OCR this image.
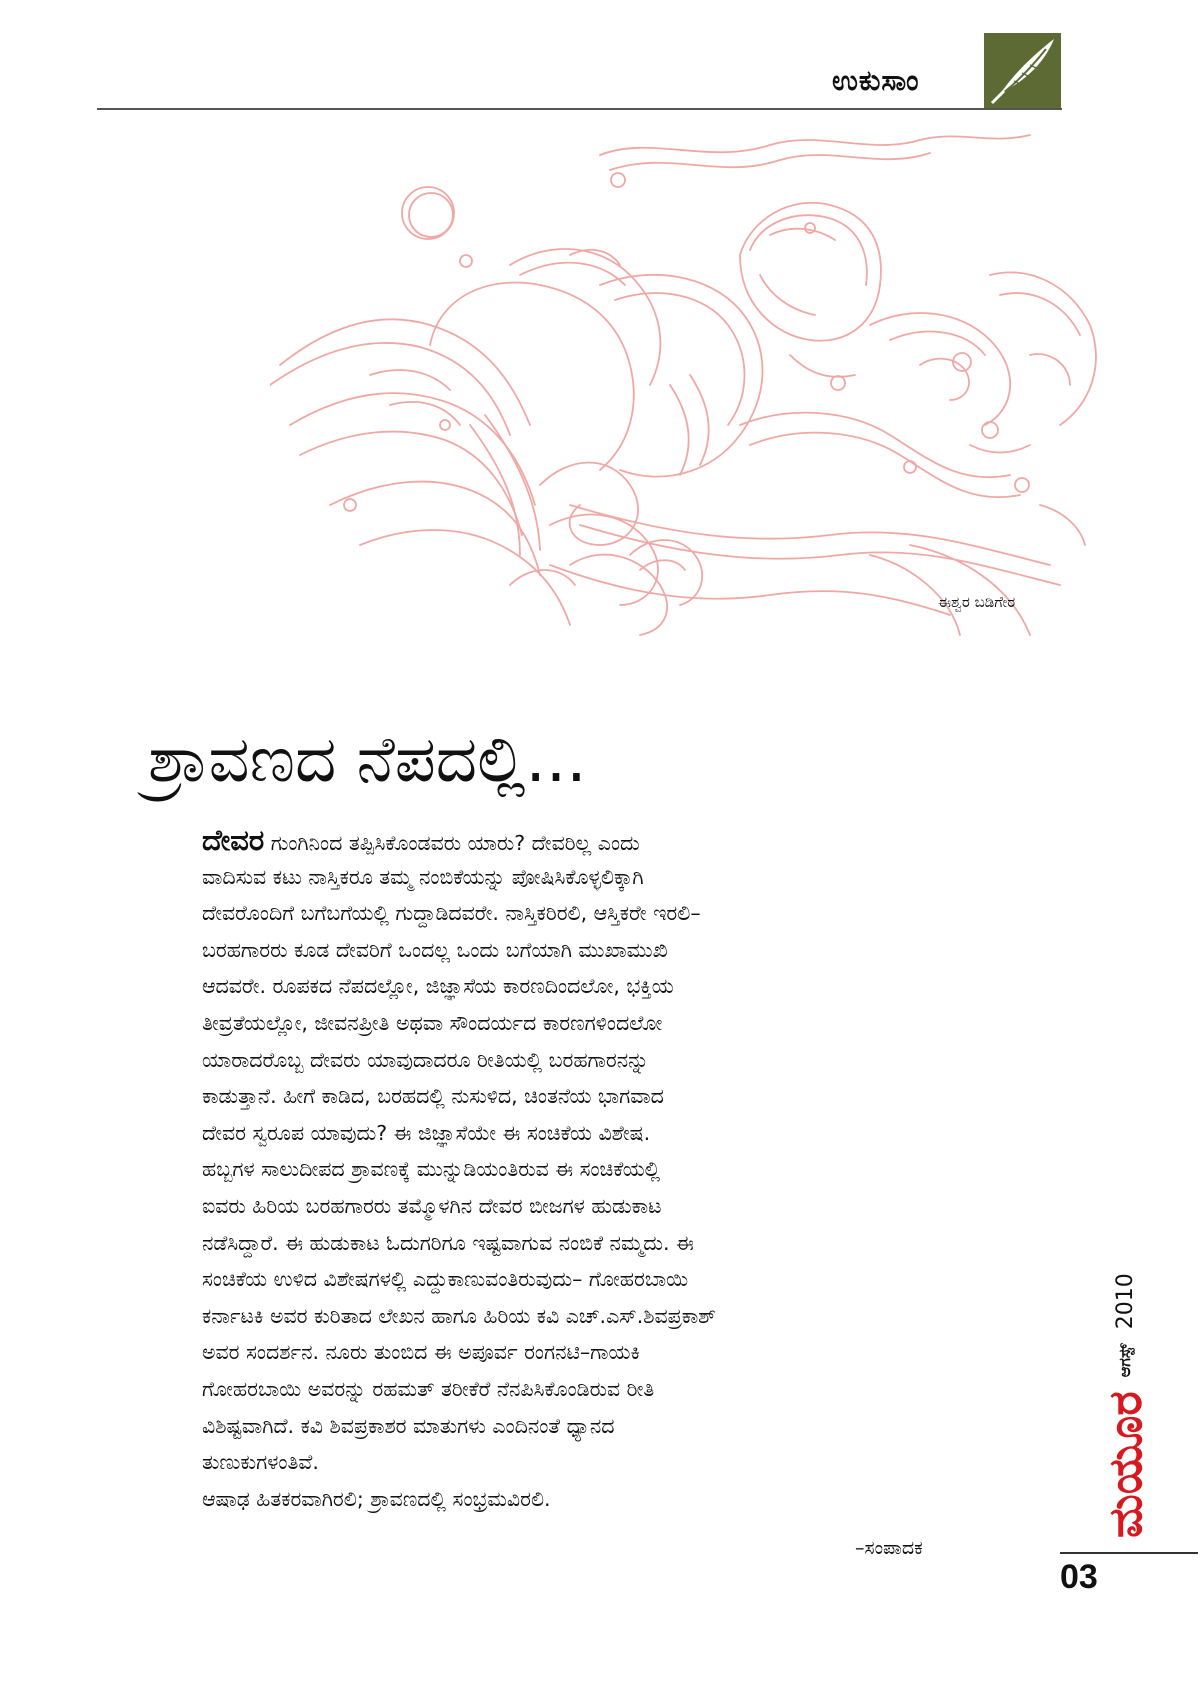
ಉಕುಸಾಂ
ಈಶ್ವರ ಬಡಿಗೇರ
ಶ್ರಾವಣದ ನೆಪದಲ್ಲಿ...
ದೇವರ ಗುಂಗಿನಿಂದ ತಪ್ಪಿಸಿಕೊಂಡವರು ಯಾರು? ದೇವರಿಲ್ಲ ಎಂದು
ವಾದಿಸುವ ಕಟು ನಾಸ್ತಿಕರೂ ತಮ್ಮ ನಂಬಿಕೆಯನ್ನು ಪೋಷಿಸಿಕೊಳ್ಳಲಿಕ್ಕಾಗಿ
ದೇವರೊಂದಿಗೆ ಬಗೆಬಗೆಯಲ್ಲಿ ಗುದ್ದಾಡಿದವರೇ. ನಾಸ್ತಿಕರಿರಲಿ, ಆಸ್ತಿಕರೇ ಇರಲಿ–
ಬರಹಗಾರರು ಕೂಡ ದೇವರಿಗೆ ಒಂದಲ್ಲ ಒಂದು ಬಗೆಯಾಗಿ ಮುಖಾಮುಖಿ
ಆದವರೇ. ರೂಪಕದ ನೆಪದಲ್ಲೋ, ಜಿಜ್ಞಾಸೆಯ ಕಾರಣದಿಂದಲೋ, ಭಕ್ತಿಯ
ತೀವ್ರತೆಯಲ್ಲೋ, ಜೀವನಪ್ರೀತಿ ಅಥವಾ ಸೌಂದರ್ಯದ ಕಾರಣಗಳಿಂದಲೋ
ಯಾರಾದರೊಬ್ಬ ದೇವರು ಯಾವುದಾದರೂ ರೀತಿಯಲ್ಲಿ ಬರಹಗಾರನನ್ನು
ಕಾಡುತ್ತಾನೆ. ಹೀಗೆ ಕಾಡಿದ, ಬರಹದಲ್ಲಿ ನುಸುಳಿದ, ಚಿಂತನೆಯ ಭಾಗವಾದ
ದೇವರ ಸ್ವರೂಪ ಯಾವುದು? ಈ ಜಿಜ್ಞಾಸೆಯೇ ಈ ಸಂಚಿಕೆಯ ವಿಶೇಷ.
ಹಬ್ಬಗಳ ಸಾಲುದೀಪದ ಶ್ರಾವಣಕ್ಕೆ ಮುನ್ನುಡಿಯಂತಿರುವ ಈ ಸಂಚಿಕೆಯಲ್ಲಿ
ಐವರು ಹಿರಿಯ ಬರಹಗಾರರು ತಮ್ಮೊಳಗಿನ ದೇವರ ಬೀಜಗಳ ಹುಡುಕಾಟ
ನಡೆಸಿದ್ದಾರೆ. ಈ ಹುಡುಕಾಟ ಓದುಗರಿಗೂ ಇಷ್ಟವಾಗುವ ನಂಬಿಕೆ ನಮ್ಮದು. ಈ
ಸಂಚಿಕೆಯ ಉಳಿದ ವಿಶೇಷಗಳಲ್ಲಿ ಎದ್ದುಕಾಣುವಂತಿರುವುದು– ಗೋಹರಬಾಯಿ
ಕರ್ನಾಟಕಿ ಅವರ ಕುರಿತಾದ ಲೇಖನ ಹಾಗೂ ಹಿರಿಯ ಕವಿ ಎಚ್.ಎಸ್.ಶಿವಪ್ರಕಾಶ್
ಅವರ ಸಂದರ್ಶನ. ನೂರು ತುಂಬಿದ ಈ ಅಪೂರ್ವ ರಂಗನಟಿ–ಗಾಯಕಿ
ಗೋಹರಬಾಯಿ ಅವರನ್ನು ರಹಮತ್ ತರೀಕೆರೆ ನೆನಪಿಸಿಕೊಂಡಿರುವ ರೀತಿ
ವಿಶಿಷ್ಟವಾಗಿದೆ. ಕವಿ ಶಿವಪ್ರಕಾಶರ ಮಾತುಗಳು ಎಂದಿನಂತೆ ಧ್ಯಾನದ
ತುಣುಕುಗಳಂತಿವೆ.
ಆಷಾಢ ಹಿತಕರವಾಗಿರಲಿ; ಶ್ರಾವಣದಲ್ಲಿ ಸಂಭ್ರಮವಿರಲಿ.
–ಸಂಪಾದಕ
ಮಯೂರ
ಆಗಸ್ಟ್
2010
03
